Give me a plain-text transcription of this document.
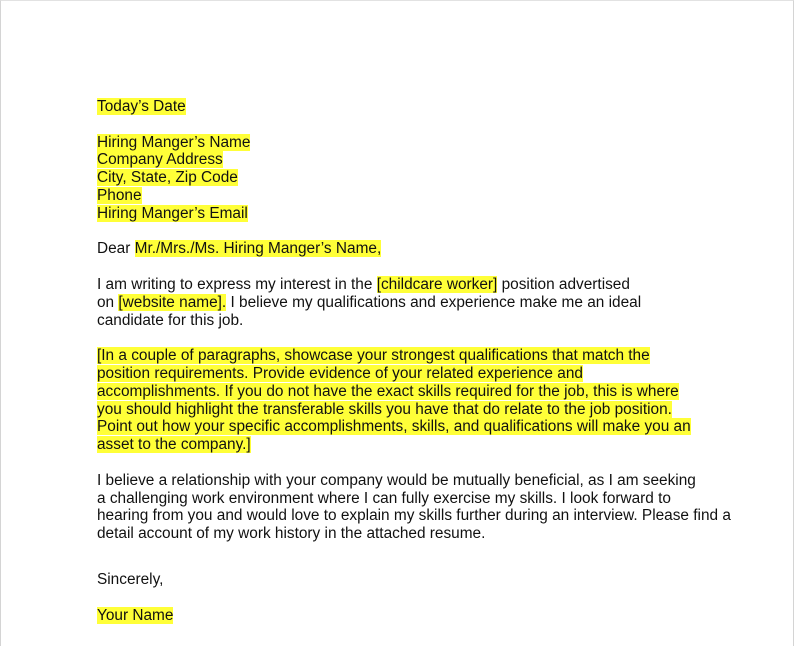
Today’s Date
Hiring Manger’s Name
Company Address
City, State, Zip Code
Phone
Hiring Manger’s Email
Dear Mr./Mrs./Ms. Hiring Manger’s Name,
I am writing to express my interest in the [childcare worker] position advertised
on [website name]. I believe my qualifications and experience make me an ideal
candidate for this job.
[In a couple of paragraphs, showcase your strongest qualifications that match the
position requirements. Provide evidence of your related experience and
accomplishments. If you do not have the exact skills required for the job, this is where
you should highlight the transferable skills you have that do relate to the job position.
Point out how your specific accomplishments, skills, and qualifications will make you an
asset to the company.]
I believe a relationship with your company would be mutually beneficial, as I am seeking
a challenging work environment where I can fully exercise my skills. I look forward to
hearing from you and would love to explain my skills further during an interview. Please find a
detail account of my work history in the attached resume.
Sincerely,
Your Name
